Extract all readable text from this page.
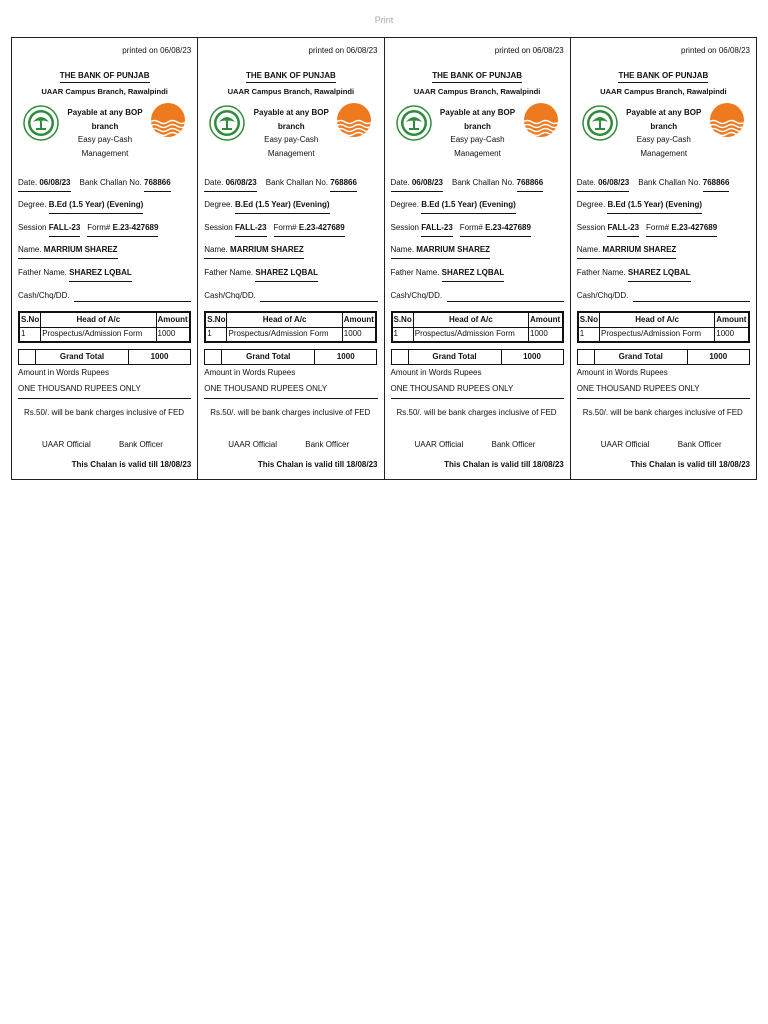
Print
printed on 06/08/23
THE BANK OF PUNJAB
UAAR Campus Branch, Rawalpindi
Payable at any BOP branch
Easy pay-Cash Management
Date. 06/08/23 Bank Challan No. 768866
Degree. B.Ed (1.5 Year) (Evening)
Session FALL-23 Form# E.23-427689
Name. MARRIUM SHAREZ
Father Name. SHAREZ LQBAL
Cash/Chq/DD.
S.No	Head of A/c	Amount
1	Prospectus/Admission Form	1000
	Grand Total	1000
Amount in Words Rupees
ONE THOUSAND RUPEES ONLY
Rs.50/. will be bank charges inclusive of FED
UAAR Official	Bank Officer
This Chalan is valid till 18/08/23
printed on 06/08/23
THE BANK OF PUNJAB
UAAR Campus Branch, Rawalpindi
Payable at any BOP branch
Easy pay-Cash Management
Date. 06/08/23 Bank Challan No. 768866
Degree. B.Ed (1.5 Year) (Evening)
Session FALL-23 Form# E.23-427689
Name. MARRIUM SHAREZ
Father Name. SHAREZ LQBAL
Cash/Chq/DD.
S.No	Head of A/c	Amount
1	Prospectus/Admission Form	1000
	Grand Total	1000
Amount in Words Rupees
ONE THOUSAND RUPEES ONLY
Rs.50/. will be bank charges inclusive of FED
UAAR Official	Bank Officer
This Chalan is valid till 18/08/23
printed on 06/08/23
THE BANK OF PUNJAB
UAAR Campus Branch, Rawalpindi
Payable at any BOP branch
Easy pay-Cash Management
Date. 06/08/23 Bank Challan No. 768866
Degree. B.Ed (1.5 Year) (Evening)
Session FALL-23 Form# E.23-427689
Name. MARRIUM SHAREZ
Father Name. SHAREZ LQBAL
Cash/Chq/DD.
S.No	Head of A/c	Amount
1	Prospectus/Admission Form	1000
	Grand Total	1000
Amount in Words Rupees
ONE THOUSAND RUPEES ONLY
Rs.50/. will be bank charges inclusive of FED
UAAR Official	Bank Officer
This Chalan is valid till 18/08/23
printed on 06/08/23
THE BANK OF PUNJAB
UAAR Campus Branch, Rawalpindi
Payable at any BOP branch
Easy pay-Cash Management
Date. 06/08/23 Bank Challan No. 768866
Degree. B.Ed (1.5 Year) (Evening)
Session FALL-23 Form# E.23-427689
Name. MARRIUM SHAREZ
Father Name. SHAREZ LQBAL
Cash/Chq/DD.
S.No	Head of A/c	Amount
1	Prospectus/Admission Form	1000
	Grand Total	1000
Amount in Words Rupees
ONE THOUSAND RUPEES ONLY
Rs.50/. will be bank charges inclusive of FED
UAAR Official	Bank Officer
This Chalan is valid till 18/08/23
